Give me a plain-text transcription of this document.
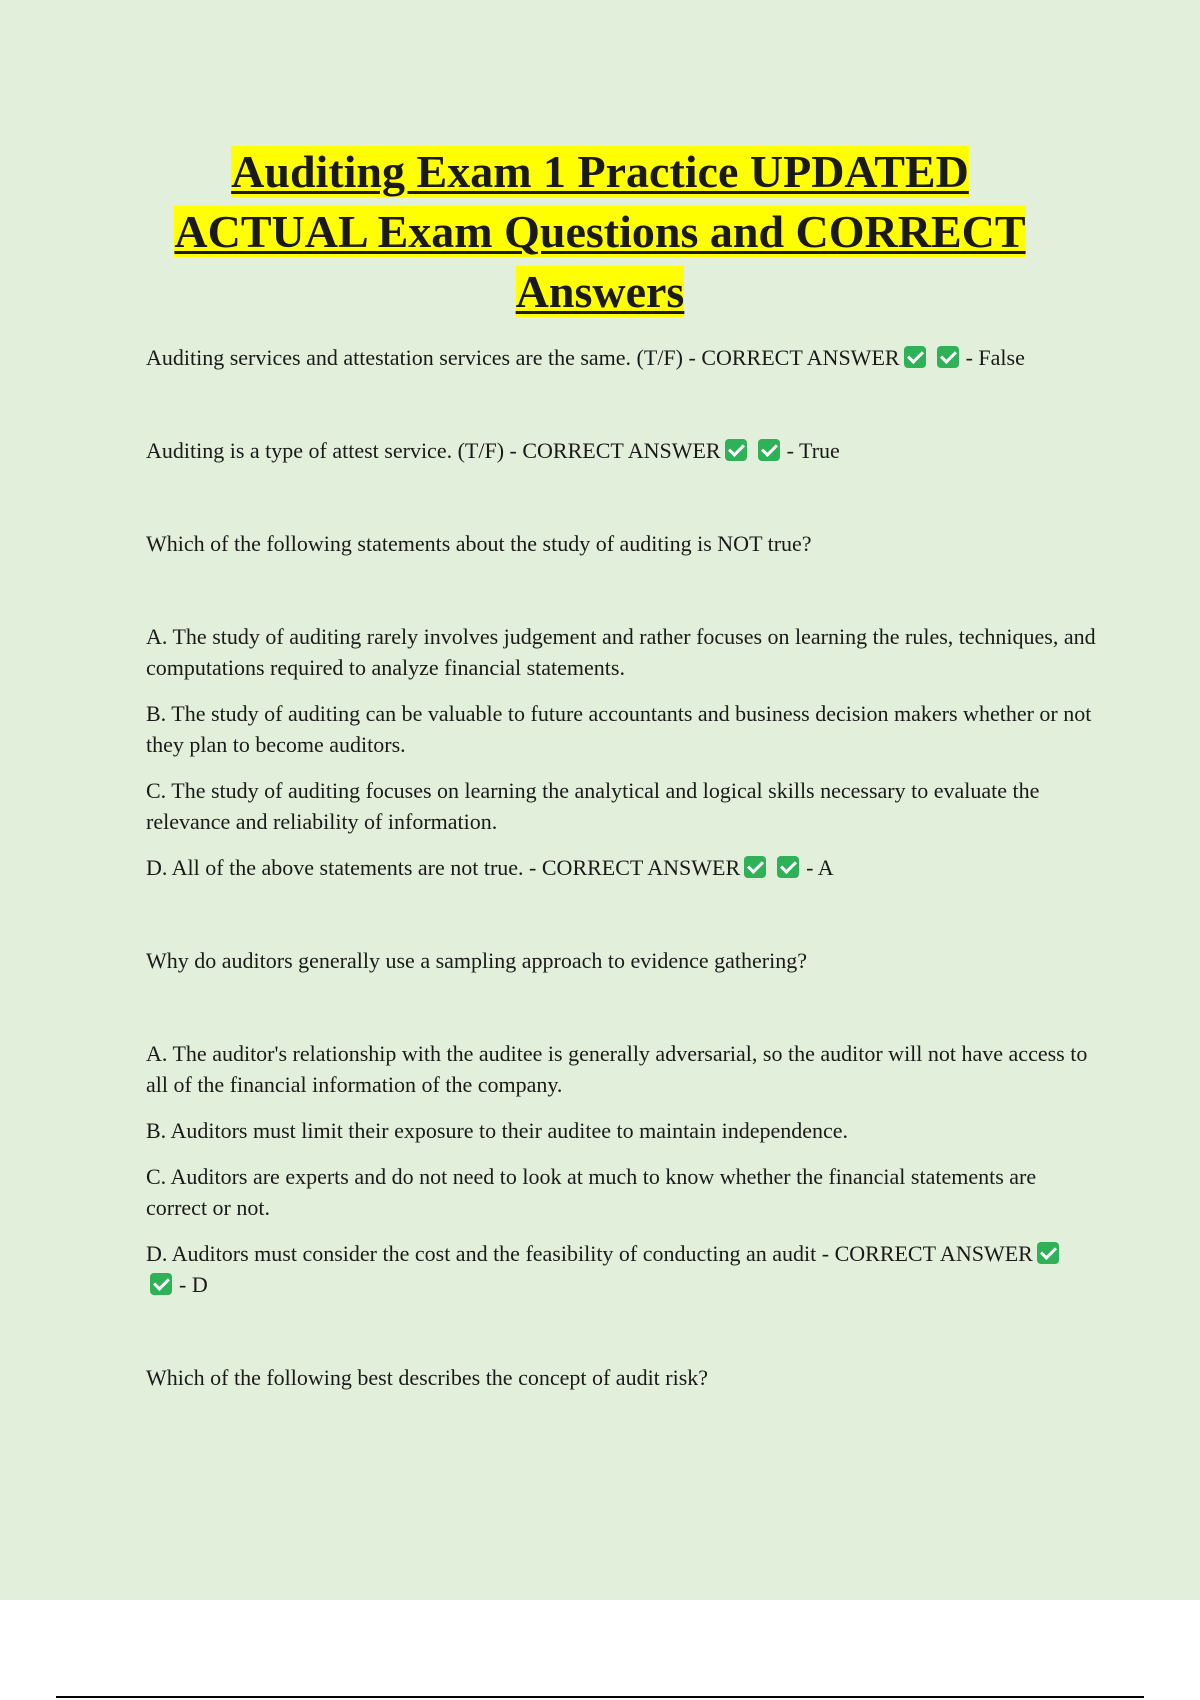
Auditing Exam 1 Practice UPDATED
ACTUAL Exam Questions and CORRECT
Answers

Auditing services and attestation services are the same. (T/F) - CORRECT ANSWER	- False

Auditing is a type of attest service. (T/F) - CORRECT ANSWER	- True

Which of the following statements about the study of auditing is NOT true?

A. The study of auditing rarely involves judgement and rather focuses on learning the rules, techniques, and computations required to analyze financial statements.

B. The study of auditing can be valuable to future accountants and business decision makers whether or not they plan to become auditors.

C. The study of auditing focuses on learning the analytical and logical skills necessary to evaluate the relevance and reliability of information.

D. All of the above statements are not true. - CORRECT ANSWER	- A

Why do auditors generally use a sampling approach to evidence gathering?

A. The auditor's relationship with the auditee is generally adversarial, so the auditor will not have access to all of the financial information of the company.

B. Auditors must limit their exposure to their auditee to maintain independence.

C. Auditors are experts and do not need to look at much to know whether the financial statements are correct or not.

D. Auditors must consider the cost and the feasibility of conducting an audit - CORRECT ANSWER- D

Which of the following best describes the concept of audit risk?
